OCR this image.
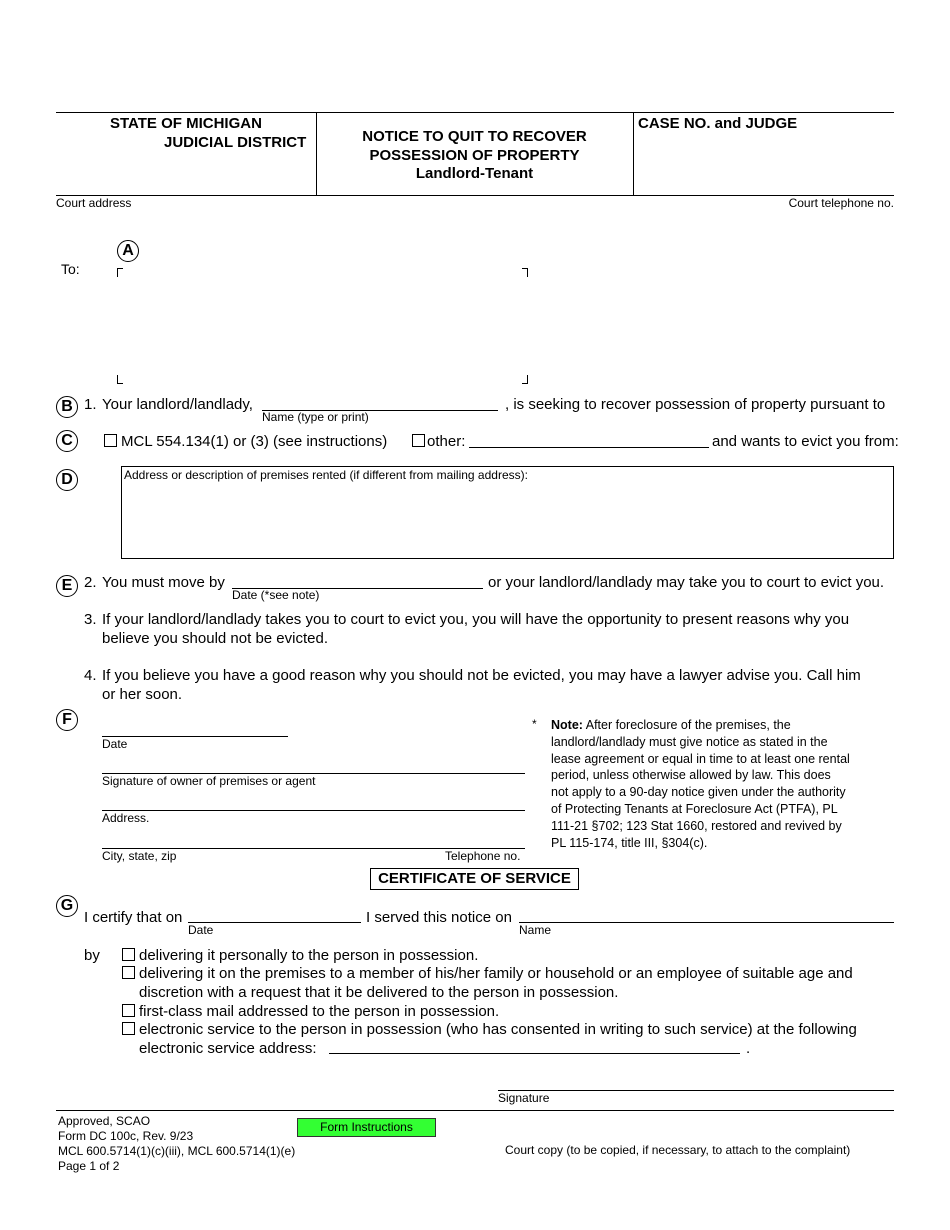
STATE OF MICHIGAN
JUDICIAL DISTRICT	NOTICE TO QUIT TO RECOVER
POSSESSION OF PROPERTY
Landlord-Tenant
CASE NO. and JUDGE
Court address	Court telephone no.
To:
A
B 1. Your landlord/landlady,
Name (type or print)
, is seeking to recover possession of property pursuant to
C	MCL 554.134(1) or (3) (see instructions)	other:	and wants to evict you from:
D	Address or description of premises rented (if different from mailing address):
E 2. You must move by
Date (*see note)
or your landlord/landlady may take you to court to evict you.
3. If your landlord/landlady takes you to court to evict you, you will have the opportunity to present reasons why you
believe you should not be evicted.
4. If you believe you have a good reason why you should not be evicted, you may have a lawyer advise you. Call him
or her soon.
F
Date
Signature of owner of premises or agent
Address.
City, state, zip	Telephone no.
* Note: After foreclosure of the premises, the
landlord/landlady must give notice as stated in the
lease agreement or equal in time to at least one rental
period, unless otherwise allowed by law. This does
not apply to a 90-day notice given under the authority
of Protecting Tenants at Foreclosure Act (PTFA), PL
111-21 §702; 123 Stat 1660, restored and revived by
PL 115-174, title III, §304(c).
CERTIFICATE OF SERVICE
G
I certify that on
Date
I served this notice on
Name
by	delivering it personally to the person in possession.
delivering it on the premises to a member of his/her family or household or an employee of suitable age and
discretion with a request that it be delivered to the person in possession.
first-class mail addressed to the person in possession.
electronic service to the person in possession (who has consented in writing to such service) at the following
electronic service address:	.
Signature
Approved, SCAO
Form DC 100c, Rev. 9/23
MCL 600.5714(1)(c)(iii), MCL 600.5714(1)(e)
Page 1 of 2
Form Instructions
Court copy (to be copied, if necessary, to attach to the complaint)
